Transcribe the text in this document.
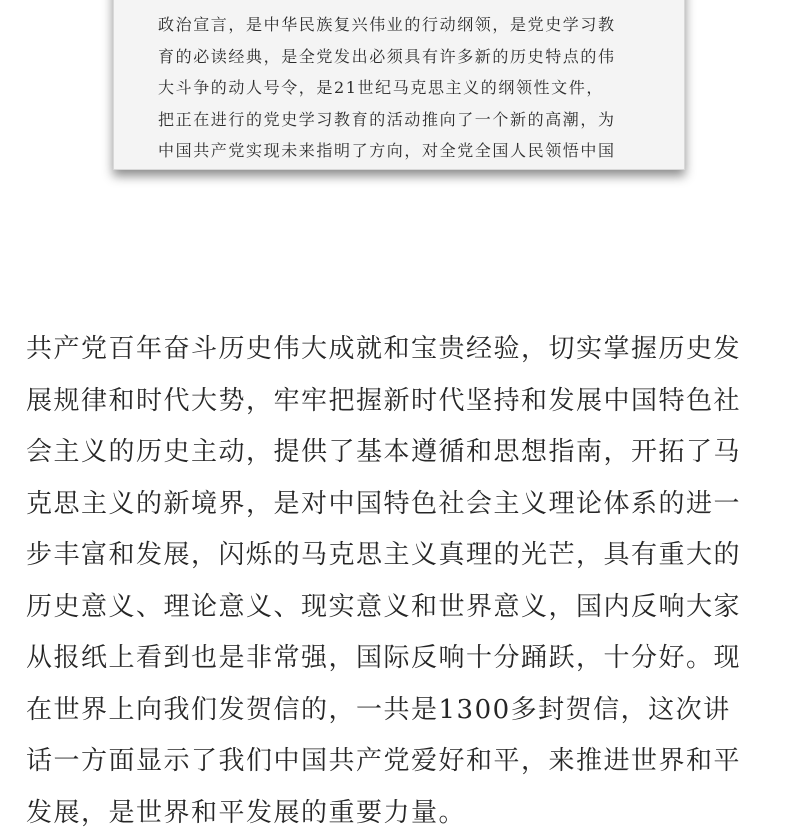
政治宣言，是中华民族复兴伟业的行动纲领，是党史学习教
育的必读经典，是全党发出必须具有许多新的历史特点的伟
大斗争的动人号令，是21世纪马克思主义的纲领性文件，
把正在进行的党史学习教育的活动推向了一个新的高潮，为
中国共产党实现未来指明了方向，对全党全国人民领悟中国

共产党百年奋斗历史伟大成就和宝贵经验，切实掌握历史发
展规律和时代大势，牢牢把握新时代坚持和发展中国特色社
会主义的历史主动，提供了基本遵循和思想指南，开拓了马
克思主义的新境界，是对中国特色社会主义理论体系的进一
步丰富和发展，闪烁的马克思主义真理的光芒，具有重大的
历史意义、理论意义、现实意义和世界意义，国内反响大家
从报纸上看到也是非常强，国际反响十分踊跃，十分好。现
在世界上向我们发贺信的，一共是1300多封贺信，这次讲
话一方面显示了我们中国共产党爱好和平，来推进世界和平
发展，是世界和平发展的重要力量。
